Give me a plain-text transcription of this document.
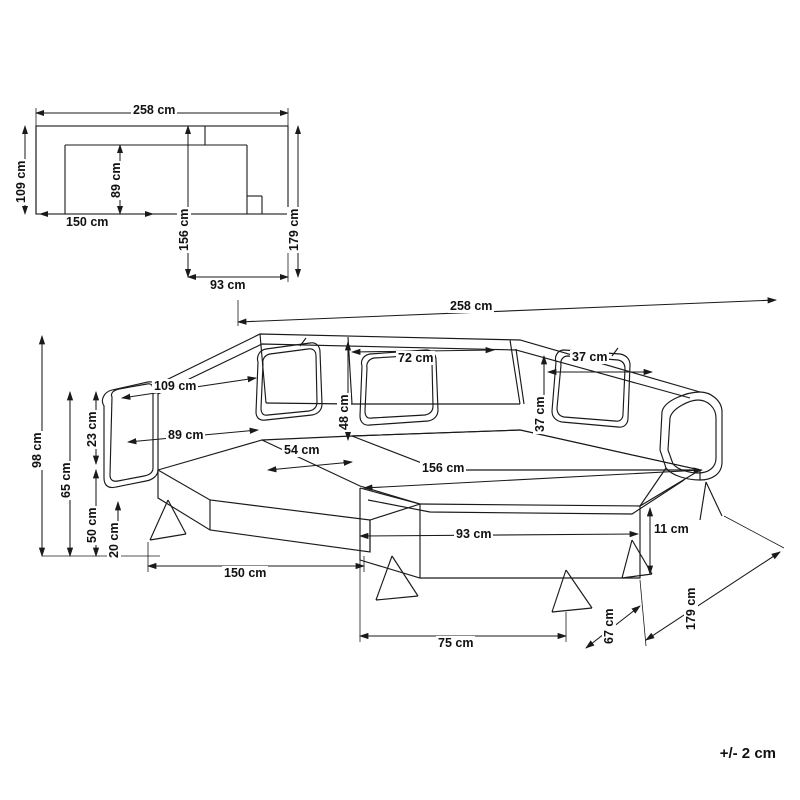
258 cm
109 cm	89 cm
156 cm	179 cm
150 cm
93 cm
258 cm
72 cm	37 cm
109 cm
89 cm
54 cm
156 cm
93 cm
150 cm
75 cm
98 cm
65 cm
23 cm
50 cm 20 cm
48 cm	37 cm
11 cm
67 cm	179 cm
+/- 2 cm
